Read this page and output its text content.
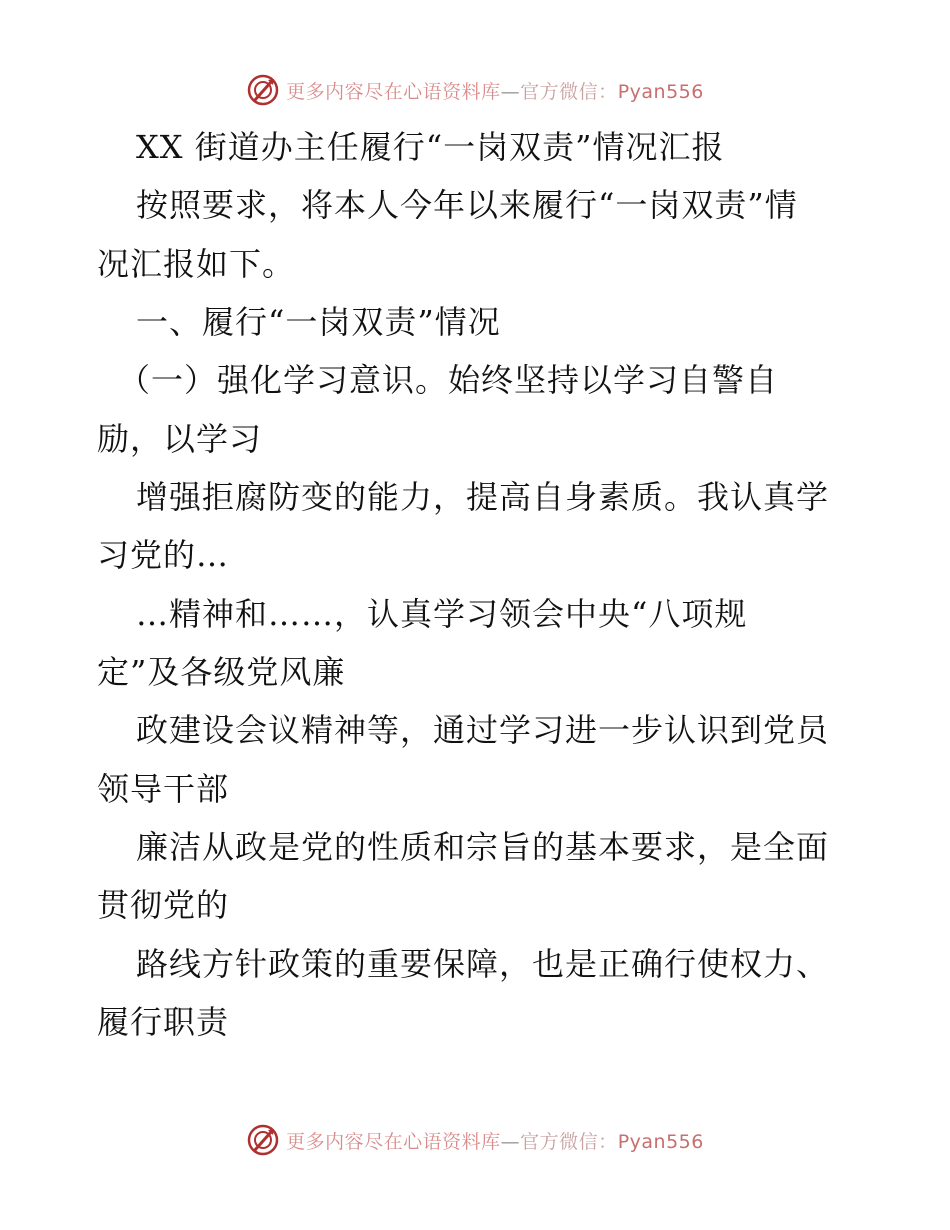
更多内容尽在心语资料库—官方微信：Pyan556
XX 街道办主任履行“一岗双责”情况汇报
按照要求，将本人今年以来履行“一岗双责”情
况汇报如下。
一、履行“一岗双责”情况
（一）强化学习意识。始终坚持以学习自警自
励，以学习
增强拒腐防变的能力，提高自身素质。我认真学
习党的…
…精神和……，认真学习领会中央“八项规
定”及各级党风廉
政建设会议精神等，通过学习进一步认识到党员
领导干部
廉洁从政是党的性质和宗旨的基本要求，是全面
贯彻党的
路线方针政策的重要保障，也是正确行使权力、
履行职责
更多内容尽在心语资料库—官方微信：Pyan556
